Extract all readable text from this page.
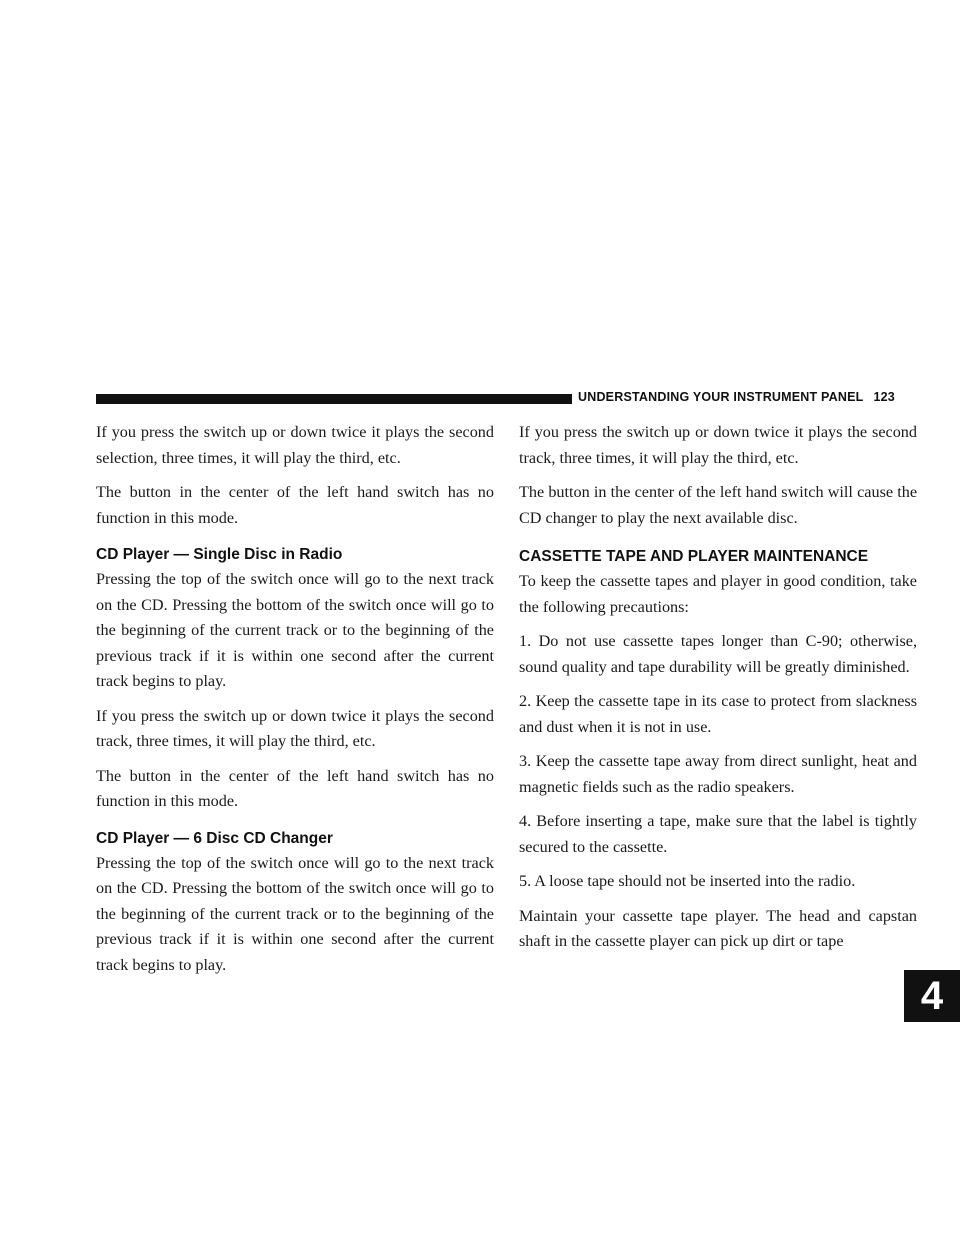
UNDERSTANDING YOUR INSTRUMENT PANEL 123
4

If you press the switch up or down twice it plays the second selection, three times, it will play the third, etc.

The button in the center of the left hand switch has no function in this mode.

CD Player — Single Disc in Radio

Pressing the top of the switch once will go to the next track on the CD. Pressing the bottom of the switch once will go to the beginning of the current track or to the beginning of the previous track if it is within one second after the current track begins to play.

If you press the switch up or down twice it plays the second track, three times, it will play the third, etc.

The button in the center of the left hand switch has no function in this mode.

CD Player — 6 Disc CD Changer

Pressing the top of the switch once will go to the next track on the CD. Pressing the bottom of the switch once will go to the beginning of the current track or to the beginning of the previous track if it is within one second after the current track begins to play.

If you press the switch up or down twice it plays the second track, three times, it will play the third, etc.

The button in the center of the left hand switch will cause the CD changer to play the next available disc.

CASSETTE TAPE AND PLAYER MAINTENANCE

To keep the cassette tapes and player in good condition, take the following precautions:

1. Do not use cassette tapes longer than C-90; otherwise, sound quality and tape durability will be greatly diminished.

2. Keep the cassette tape in its case to protect from slackness and dust when it is not in use.

3. Keep the cassette tape away from direct sunlight, heat and magnetic fields such as the radio speakers.

4. Before inserting a tape, make sure that the label is tightly secured to the cassette.

5. A loose tape should not be inserted into the radio.

Maintain your cassette tape player. The head and capstan shaft in the cassette player can pick up dirt or tape
